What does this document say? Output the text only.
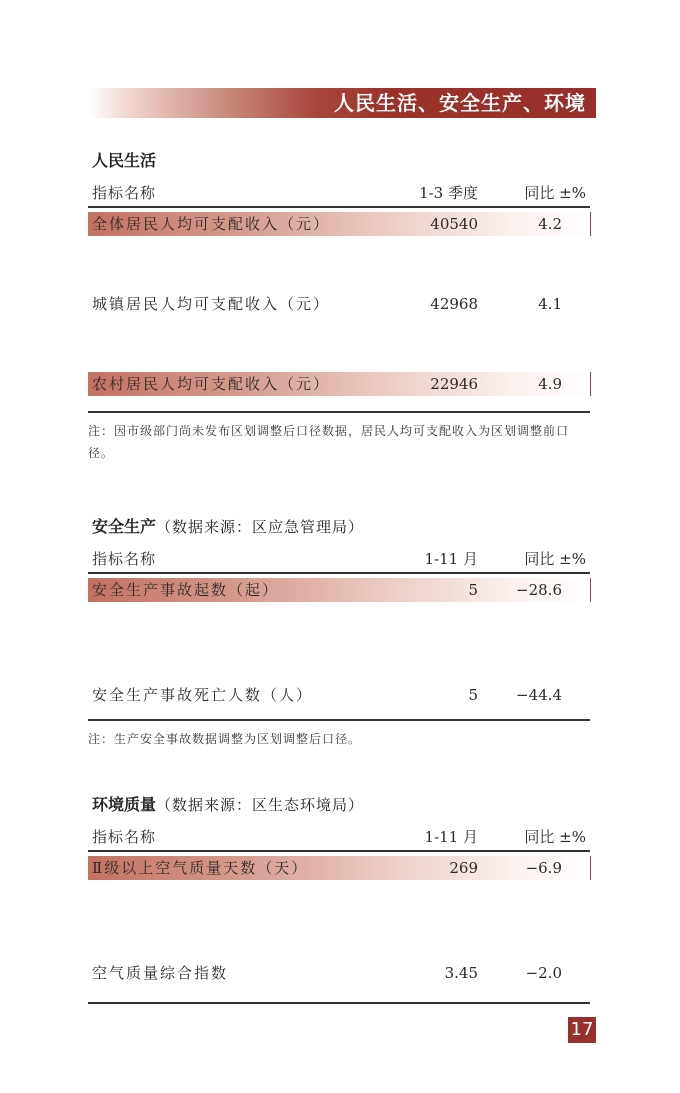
人民生活、安全生产、环境
人民生活
指标名称	1-3 季度	同比 ±%
全体居民人均可支配收入（元）	40540	4.2
城镇居民人均可支配收入（元）	42968	4.1
农村居民人均可支配收入（元）	22946	4.9
注：因市级部门尚未发布区划调整后口径数据，居民人均可支配收入为区划调整前口径。
安全生产（数据来源：区应急管理局）
指标名称	1-11 月	同比 ±%
安全生产事故起数（起）	5	−28.6
安全生产事故死亡人数（人）	5	−44.4
注：生产安全事故数据调整为区划调整后口径。
环境质量（数据来源：区生态环境局）
指标名称	1-11 月	同比 ±%
Ⅱ级以上空气质量天数（天）	269	−6.9
空气质量综合指数	3.45	−2.0
17
